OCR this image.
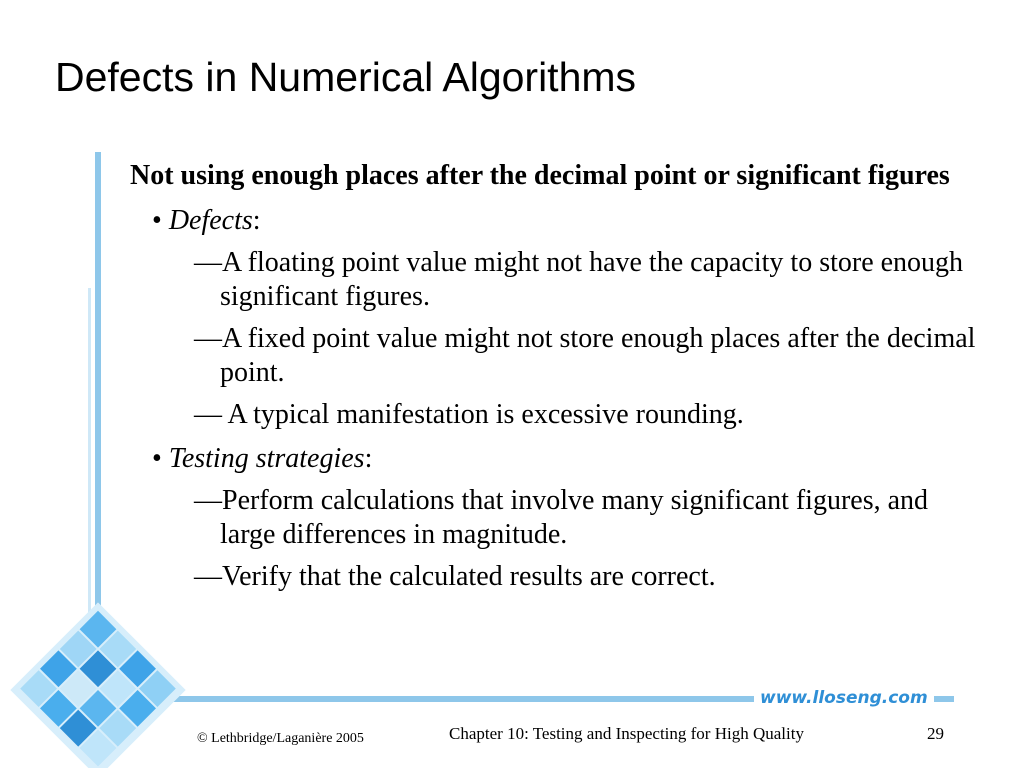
Defects in Numerical Algorithms
Not using enough places after the decimal point or significant figures
• Defects:
—A floating point value might not have the capacity to store enough significant figures.
—A fixed point value might not store enough places after the decimal point.
— A typical manifestation is excessive rounding.
• Testing strategies:
—Perform calculations that involve many significant figures, and large differences in magnitude.
—Verify that the calculated results are correct.
www.lloseng.com
© Lethbridge/Laganière 2005	Chapter 10: Testing and Inspecting for High Quality	29
